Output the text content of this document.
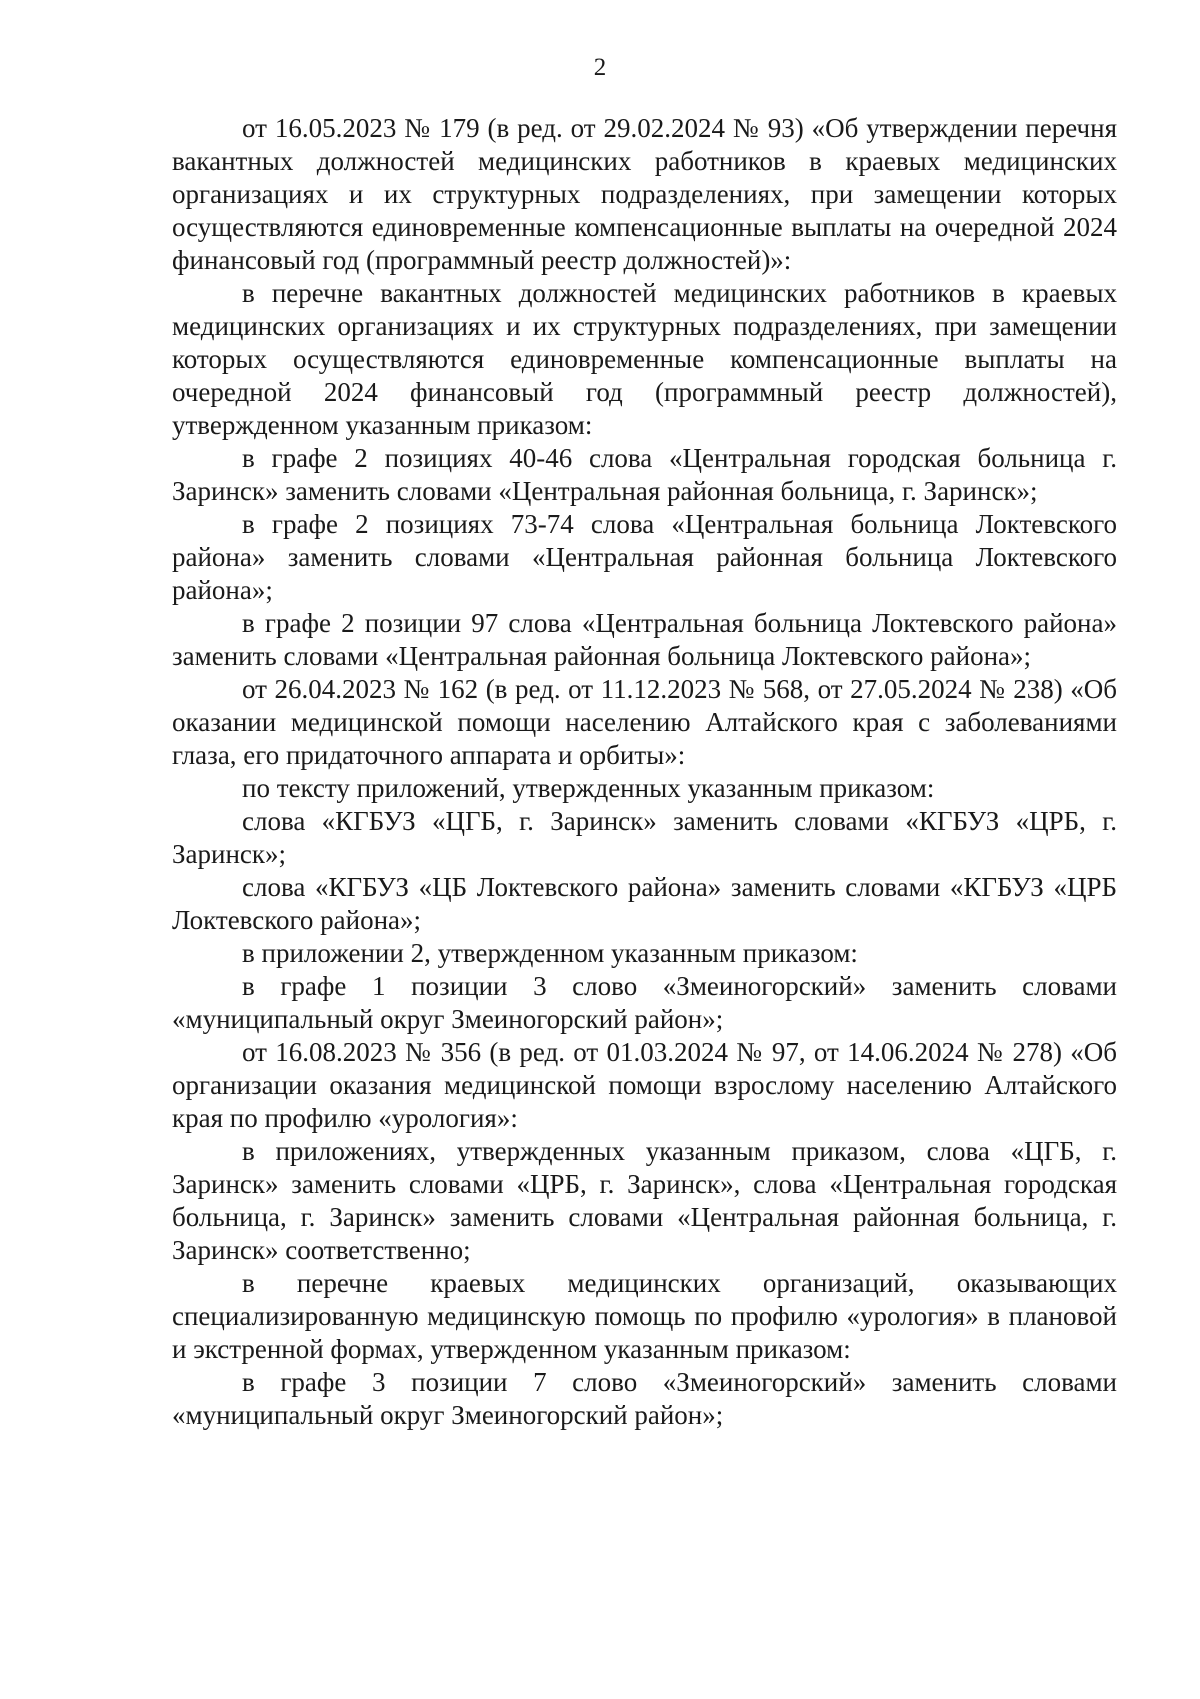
2

от 16.05.2023 № 179 (в ред. от 29.02.2024 № 93) «Об утверждении перечня вакантных должностей медицинских работников в краевых медицинских организациях и их структурных подразделениях, при замещении которых осуществляются единовременные компенсационные выплаты на очередной 2024 финансовый год (программный реестр должностей)»:

в перечне вакантных должностей медицинских работников в краевых медицинских организациях и их структурных подразделениях, при замещении которых осуществляются единовременные компенсационные выплаты на очередной 2024 финансовый год (программный реестр должностей), утвержденном указанным приказом:

в графе 2 позициях 40-46 слова «Центральная городская больница г. Заринск» заменить словами «Центральная районная больница, г. Заринск»;

в графе 2 позициях 73-74 слова «Центральная больница Локтевского района» заменить словами «Центральная районная больница Локтевского района»;

в графе 2 позиции 97 слова «Центральная больница Локтевского района» заменить словами «Центральная районная больница Локтевского района»;

от 26.04.2023 № 162 (в ред. от 11.12.2023 № 568, от 27.05.2024 № 238) «Об оказании медицинской помощи населению Алтайского края с заболеваниями глаза, его придаточного аппарата и орбиты»:

по тексту приложений, утвержденных указанным приказом:

слова «КГБУЗ «ЦГБ, г. Заринск» заменить словами «КГБУЗ «ЦРБ, г. Заринск»;

слова «КГБУЗ «ЦБ Локтевского района» заменить словами «КГБУЗ «ЦРБ Локтевского района»;

в приложении 2, утвержденном указанным приказом:

в графе 1 позиции 3 слово «Змеиногорский» заменить словами «муниципальный округ Змеиногорский район»;

от 16.08.2023 № 356 (в ред. от 01.03.2024 № 97, от 14.06.2024 № 278) «Об организации оказания медицинской помощи взрослому населению Алтайского края по профилю «урология»:

в приложениях, утвержденных указанным приказом, слова «ЦГБ, г. Заринск» заменить словами «ЦРБ, г. Заринск», слова «Центральная городская больница, г. Заринск» заменить словами «Центральная районная больница, г. Заринск» соответственно;

в перечне краевых медицинских организаций, оказывающих специализированную медицинскую помощь по профилю «урология» в плановой и экстренной формах, утвержденном указанным приказом:

в графе 3 позиции 7 слово «Змеиногорский» заменить словами «муниципальный округ Змеиногорский район»;
